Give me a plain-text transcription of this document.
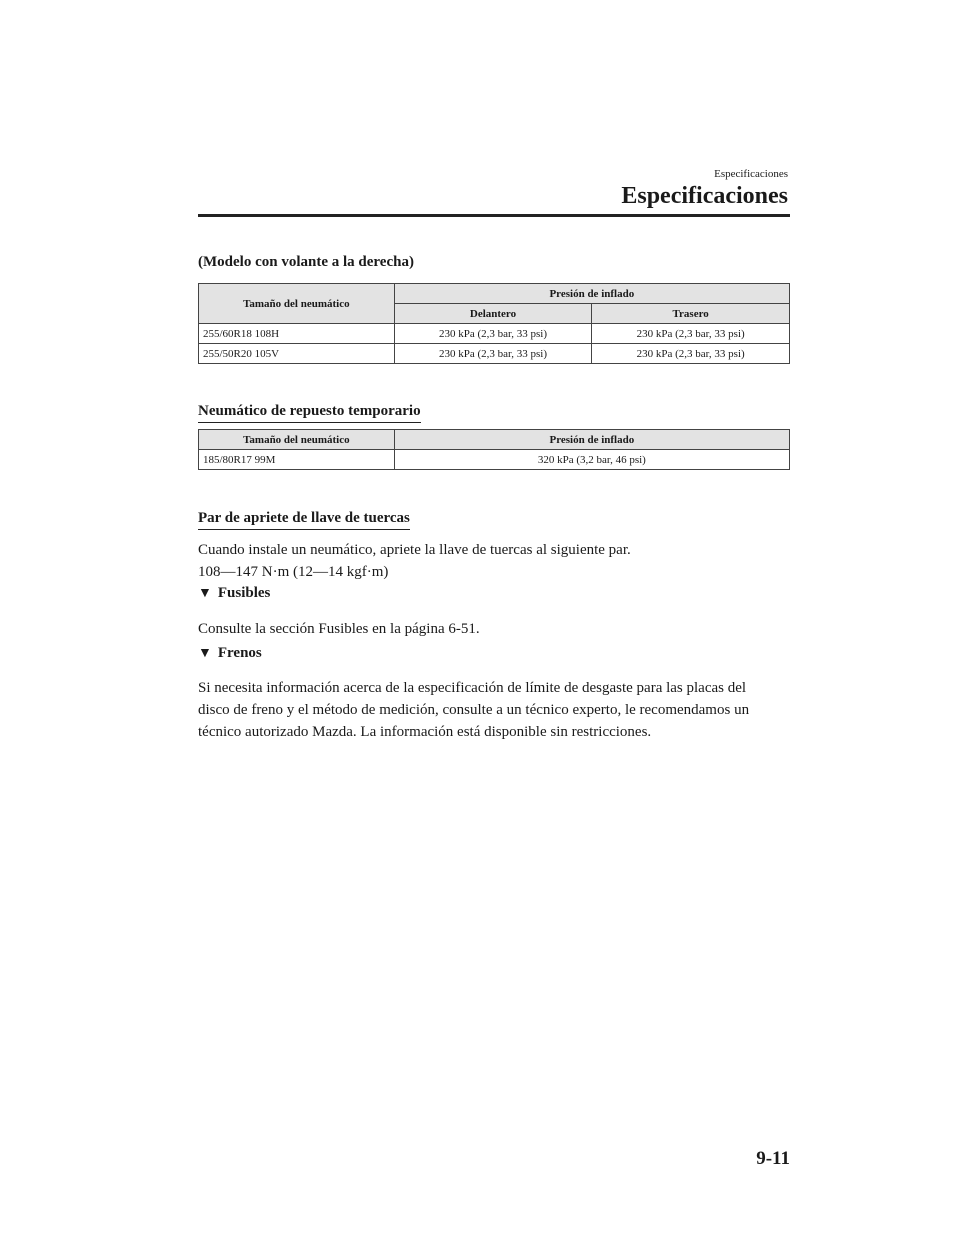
Especificaciones
Especificaciones
(Modelo con volante a la derecha)
Tamaño del neumático	Presión de inflado	
	Delantero	Trasero
255/60R18 108H	230 kPa (2,3 bar, 33 psi)	230 kPa (2,3 bar, 33 psi)
255/50R20 105V	230 kPa (2,3 bar, 33 psi)	230 kPa (2,3 bar, 33 psi)
Neumático de repuesto temporario
Tamaño del neumático	Presión de inflado
185/80R17 99M	320 kPa (3,2 bar, 46 psi)
Par de apriete de llave de tuercas
Cuando instale un neumático, apriete la llave de tuercas al siguiente par.
108―147 N·m (12―14 kgf·m)
▼ Fusibles
Consulte la sección Fusibles en la página 6-51.
▼ Frenos
Si necesita información acerca de la especificación de límite de desgaste para las placas del
disco de freno y el método de medición, consulte a un técnico experto, le recomendamos un
técnico autorizado Mazda. La información está disponible sin restricciones.
9-11
